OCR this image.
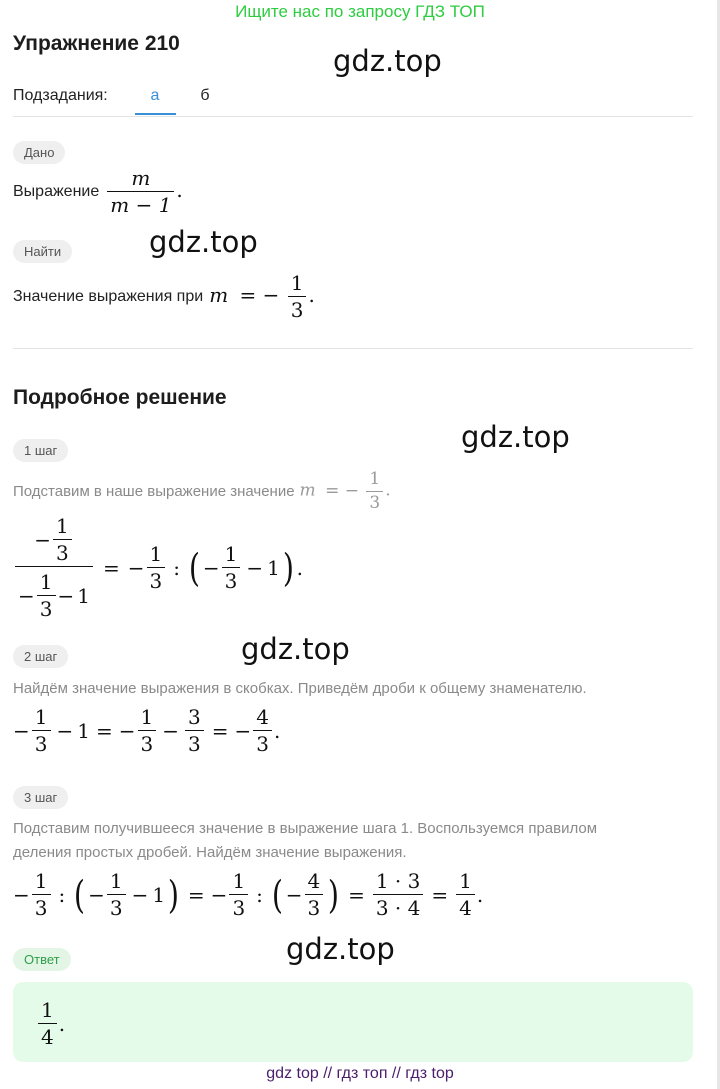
Ищите нас по запросу ГДЗ ТОП
Упражнение 210
gdz.top
gdz.top
gdz.top
gdz.top
gdz.top
Подзадания:	а	б
Дано
Выражение $\frac{m}{m - 1}$ .
Найти
Значение выражения при m = − $\frac{1}{3}$ .
Подробное решение
1 шаг
Подставим в наше выражение значение m = − $\frac{1}{3}$ .
$\frac{- \frac{1}{3}}{- \frac{1}{3} - 1}$ = − $\frac{1}{3}$ : ( − $\frac{1}{3} - 1$ ) .
2 шаг
Найдём значение выражения в скобках. Приведём дроби к общему знаменателю.
− $\frac{1}{3} - 1$ = − $\frac{1}{3} - \frac{3}{3}$ = − $\frac{4}{3}$ .
3 шаг
Подставим получившееся значение в выражение шага 1. Воспользуемся правилом
деления простых дробей. Найдём значение выражения.
− $\frac{1}{3}$ : ( − $\frac{1}{3} - 1$ ) = − $\frac{1}{3}$ : ( − $\frac{4}{3}$ ) = $\frac{1 \cdot 3}{3 \cdot 4} = \frac{1}{4}$ .
Ответ
$\frac{1}{4}$ .
gdz top // гдз топ // гдз top
